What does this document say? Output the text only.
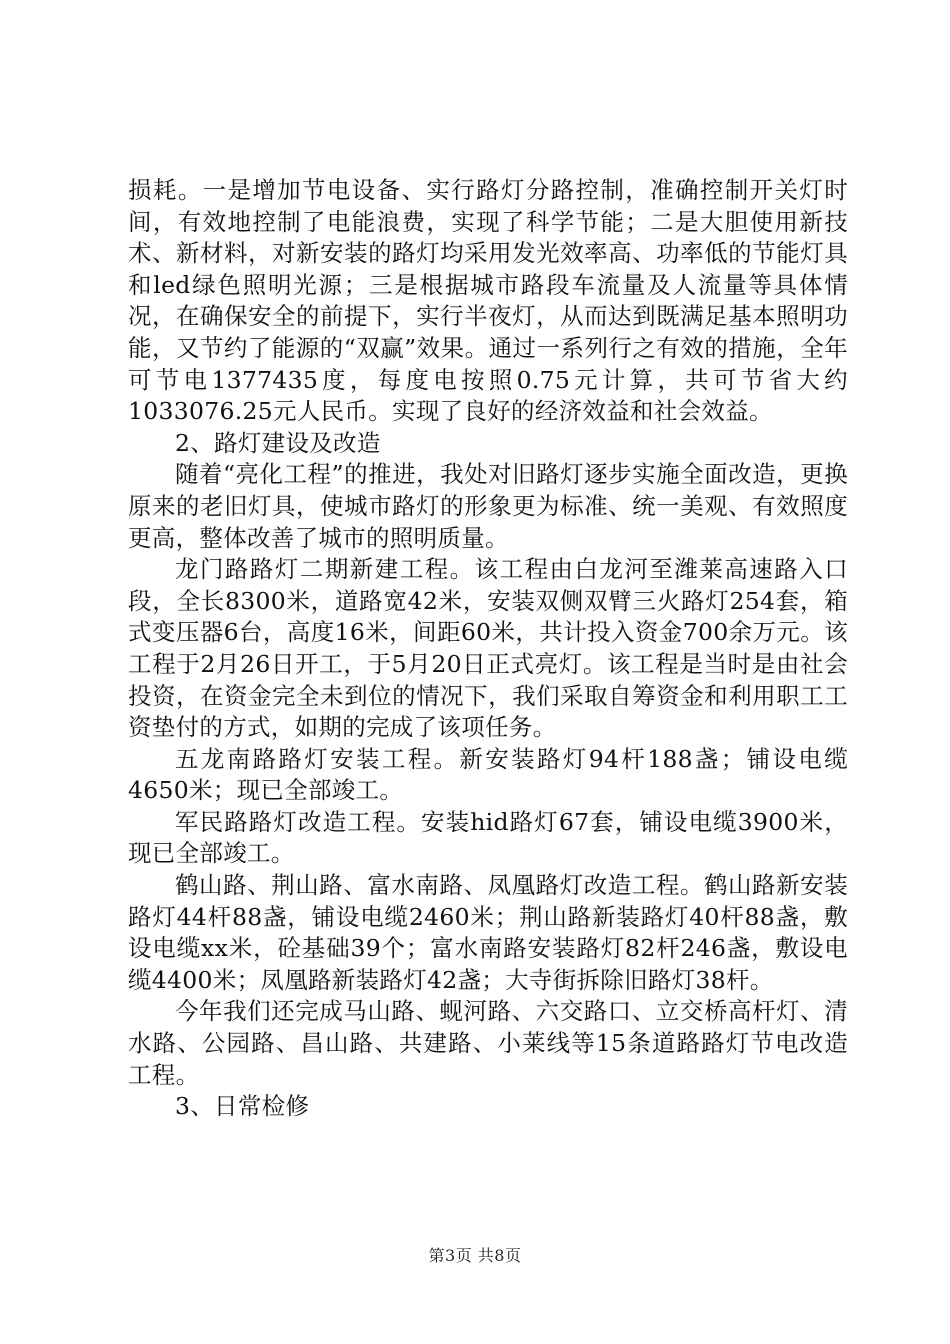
损耗。一是增加节电设备、实行路灯分路控制，准确控制开关灯时间，有效地控制了电能浪费，实现了科学节能；二是大胆使用新技术、新材料，对新安装的路灯均采用发光效率高、功率低的节能灯具和led绿色照明光源；三是根据城市路段车流量及人流量等具体情况，在确保安全的前提下，实行半夜灯，从而达到既满足基本照明功能，又节约了能源的“双赢”效果。通过一系列行之有效的措施，全年可节电1377435度，每度电按照0.75元计算，共可节省大约1033076.25元人民币。实现了良好的经济效益和社会效益。

2、路灯建设及改造

随着“亮化工程”的推进，我处对旧路灯逐步实施全面改造，更换原来的老旧灯具，使城市路灯的形象更为标准、统一美观、有效照度更高，整体改善了城市的照明质量。

龙门路路灯二期新建工程。该工程由白龙河至潍莱高速路入口段，全长8300米，道路宽42米，安装双侧双臂三火路灯254套，箱式变压器6台，高度16米，间距60米，共计投入资金700余万元。该工程于2月26日开工，于5月20日正式亮灯。该工程是当时是由社会投资，在资金完全未到位的情况下，我们采取自筹资金和利用职工工资垫付的方式，如期的完成了该项任务。

五龙南路路灯安装工程。新安装路灯94杆188盏；铺设电缆4650米；现已全部竣工。

军民路路灯改造工程。安装hid路灯67套，铺设电缆3900米，现已全部竣工。

鹤山路、荆山路、富水南路、凤凰路灯改造工程。鹤山路新安装路灯44杆88盏，铺设电缆2460米；荆山路新装路灯40杆88盏，敷设电缆xx米，砼基础39个；富水南路安装路灯82杆246盏，敷设电缆4400米；凤凰路新装路灯42盏；大寺街拆除旧路灯38杆。

今年我们还完成马山路、蚬河路、六交路口、立交桥高杆灯、清水路、公园路、昌山路、共建路、小莱线等15条道路路灯节电改造工程。

3、日常检修

第3页 共8页
